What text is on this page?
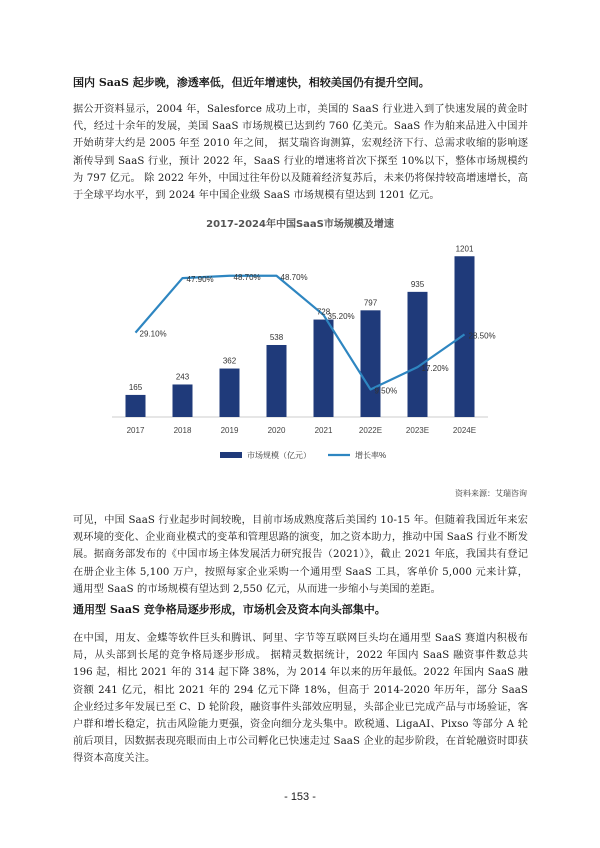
国内 SaaS 起步晚，渗透率低，但近年增速快，相较美国仍有提升空间。

据公开资料显示，2004 年，Salesforce 成功上市，美国的 SaaS 行业进入到了快速发展的黄金时代，经过十余年的发展，美国 SaaS 市场规模已达到约 760 亿美元。SaaS 作为舶来品进入中国并开始萌芽大约是 2005 年至 2010 年之间， 据艾瑞咨询测算，宏观经济下行、总需求收缩的影响逐渐传导到 SaaS 行业，预计 2022 年，SaaS 行业的增速将首次下探至 10%以下，整体市场规模约为 797 亿元。 除 2022 年外，中国过往年份以及随着经济复苏后，未来仍将保持较高增速增长，高于全球平均水平，到 2024 年中国企业级 SaaS 市场规模有望达到 1201 亿元。

2017-2024年中国SaaS市场规模及增速

165
2017
243
2018
362
2019
538
2020
728
2021
797
2022E
935
2023E
1201
2024E
29.10%
47.90% 48.70% 48.70%
35.20%
9.50%
17.20%
28.50%
市场规模（亿元）	增长率%
资料来源：艾瑞咨询

可见，中国 SaaS 行业起步时间较晚，目前市场成熟度落后美国约 10-15 年。但随着我国近年来宏观环境的变化、企业商业模式的变革和管理思路的演变，加之资本助力，推动中国 SaaS 行业不断发展。据商务部发布的《中国市场主体发展活力研究报告（2021）》，截止 2021 年底，我国共有登记在册企业主体 5,100 万户，按照每家企业采购一个通用型 SaaS 工具，客单价 5,000 元来计算，通用型 SaaS 的市场规模有望达到 2,550 亿元，从而进一步缩小与美国的差距。

通用型 SaaS 竞争格局逐步形成，市场机会及资本向头部集中。

在中国，用友、金蝶等软件巨头和腾讯、阿里、字节等互联网巨头均在通用型 SaaS 赛道内积极布局，从头部到长尾的竞争格局逐步形成。 据精灵数据统计，2022 年国内 SaaS 融资事件数总共 196 起，相比 2021 年的 314 起下降 38%，为 2014 年以来的历年最低。2022 年国内 SaaS 融资额 241 亿元，相比 2021 年的 294 亿元下降 18%，但高于 2014-2020 年历年，部分 SaaS 企业经过多年发展已至 C、D 轮阶段，融资事件头部效应明显，头部企业已完成产品与市场验证，客户群和增长稳定，抗击风险能力更强，资金向细分龙头集中。欧税通、LigaAI、Pixso 等部分 A 轮前后项目，因数据表现亮眼而由上市公司孵化已快速走过 SaaS 企业的起步阶段，在首轮融资时即获得资本高度关注。

- 153 -
